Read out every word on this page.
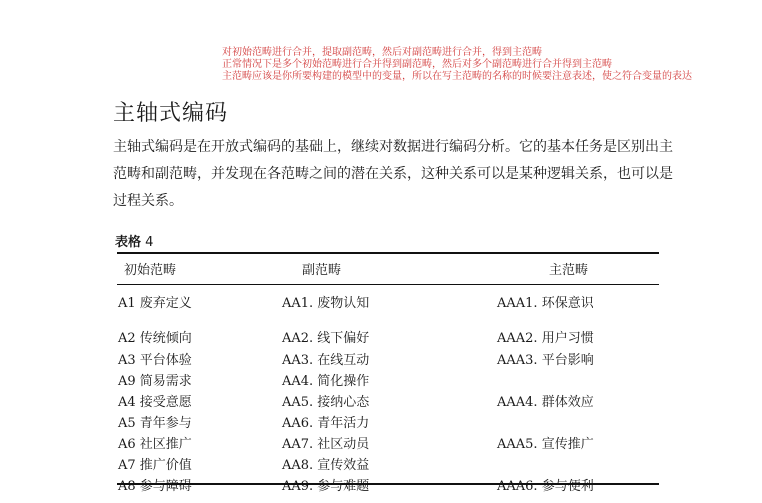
对初始范畴进行合并，提取副范畴，然后对副范畴进行合并，得到主范畴
正常情况下是多个初始范畴进行合并得到副范畴，然后对多个副范畴进行合并得到主范畴
主范畴应该是你所要构建的模型中的变量，所以在写主范畴的名称的时候要注意表述，使之符合变量的表达
主轴式编码
主轴式编码是在开放式编码的基础上，继续对数据进行编码分析。它的基本任务是区别出主
范畴和副范畴，并发现在各范畴之间的潜在关系，这种关系可以是某种逻辑关系，也可以是
过程关系。
表格 4
初始范畴	副范畴	主范畴
A1 废弃定义	AA1. 废物认知	AAA1. 环保意识
A2 传统倾向	AA2. 线下偏好	AAA2. 用户习惯
A3 平台体验	AA3. 在线互动	AAA3. 平台影响
A9 简易需求	AA4. 简化操作
A4 接受意愿	AA5. 接纳心态	AAA4. 群体效应
A5 青年参与	AA6. 青年活力
A6 社区推广	AA7. 社区动员	AAA5. 宣传推广
A7 推广价值	AA8. 宣传效益
A8 参与障碍	AA9. 参与难题	AAA6. 参与便利
